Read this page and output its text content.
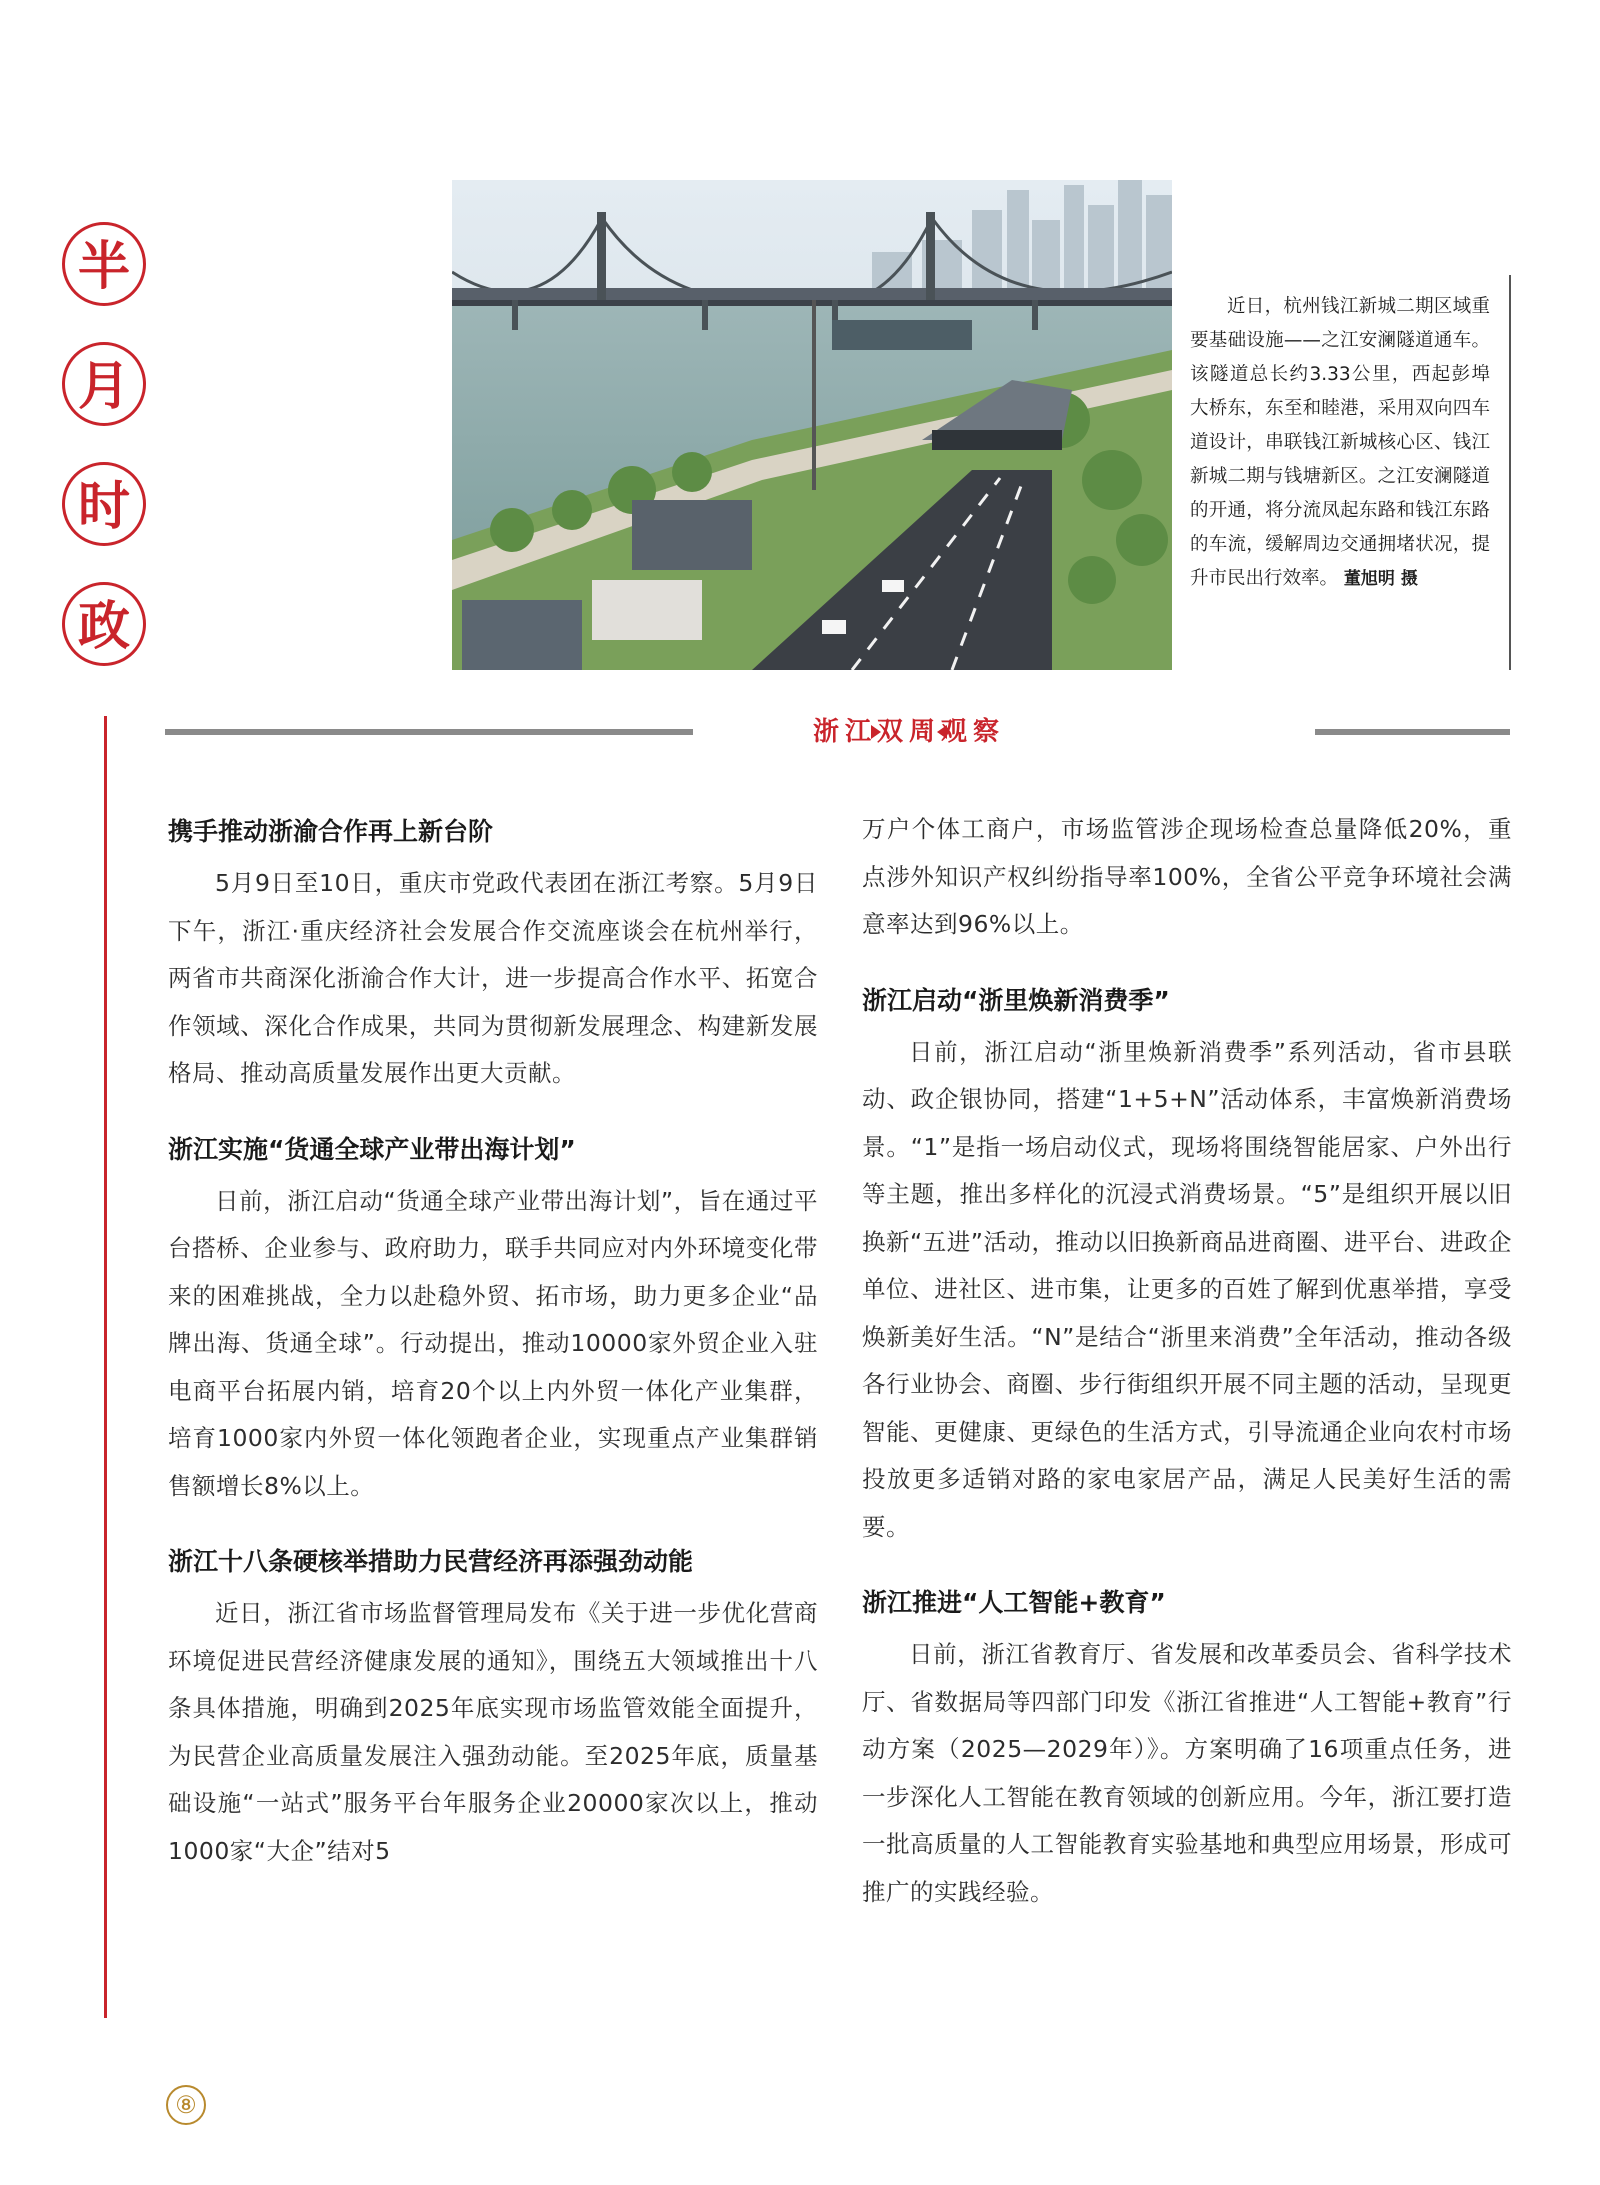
半
月
时
政
近日，杭州钱江新城二期区域重要基础设施——之江安澜隧道通车。该隧道总长约3.33公里，西起彭埠大桥东，东至和睦港，采用双向四车道设计，串联钱江新城核心区、钱江新城二期与钱塘新区。之江安澜隧道的开通，将分流凤起东路和钱江东路的车流，缓解周边交通拥堵状况，提升市民出行效率。 董旭明 摄
浙江双周观察
携手推动浙渝合作再上新台阶

5月9日至10日，重庆市党政代表团在浙江考察。5月9日下午，浙江·重庆经济社会发展合作交流座谈会在杭州举行，两省市共商深化浙渝合作大计，进一步提高合作水平、拓宽合作领域、深化合作成果，共同为贯彻新发展理念、构建新发展格局、推动高质量发展作出更大贡献。

浙江实施“货通全球产业带出海计划”

日前，浙江启动“货通全球产业带出海计划”，旨在通过平台搭桥、企业参与、政府助力，联手共同应对内外环境变化带来的困难挑战，全力以赴稳外贸、拓市场，助力更多企业“品牌出海、货通全球”。行动提出，推动10000家外贸企业入驻电商平台拓展内销，培育20个以上内外贸一体化产业集群，培育1000家内外贸一体化领跑者企业，实现重点产业集群销售额增长8%以上。

浙江十八条硬核举措助力民营经济再添强劲动能

近日，浙江省市场监督管理局发布《关于进一步优化营商环境促进民营经济健康发展的通知》，围绕五大领域推出十八条具体措施，明确到2025年底实现市场监管效能全面提升，为民营企业高质量发展注入强劲动能。至2025年底，质量基础设施“一站式”服务平台年服务企业20000家次以上，推动1000家“大企”结对5

万户个体工商户，市场监管涉企现场检查总量降低20%，重点涉外知识产权纠纷指导率100%，全省公平竞争环境社会满意率达到96%以上。

浙江启动“浙里焕新消费季”

日前，浙江启动“浙里焕新消费季”系列活动，省市县联动、政企银协同，搭建“1+5+N”活动体系，丰富焕新消费场景。“1”是指一场启动仪式，现场将围绕智能居家、户外出行等主题，推出多样化的沉浸式消费场景。“5”是组织开展以旧换新“五进”活动，推动以旧换新商品进商圈、进平台、进政企单位、进社区、进市集，让更多的百姓了解到优惠举措，享受焕新美好生活。“N”是结合“浙里来消费”全年活动，推动各级各行业协会、商圈、步行街组织开展不同主题的活动，呈现更智能、更健康、更绿色的生活方式，引导流通企业向农村市场投放更多适销对路的家电家居产品，满足人民美好生活的需要。

浙江推进“人工智能+教育”

日前，浙江省教育厅、省发展和改革委员会、省科学技术厅、省数据局等四部门印发《浙江省推进“人工智能+教育”行动方案（2025—2029年）》。方案明确了16项重点任务，进一步深化人工智能在教育领域的创新应用。今年，浙江要打造一批高质量的人工智能教育实验基地和典型应用场景，形成可推广的实践经验。

⑧
